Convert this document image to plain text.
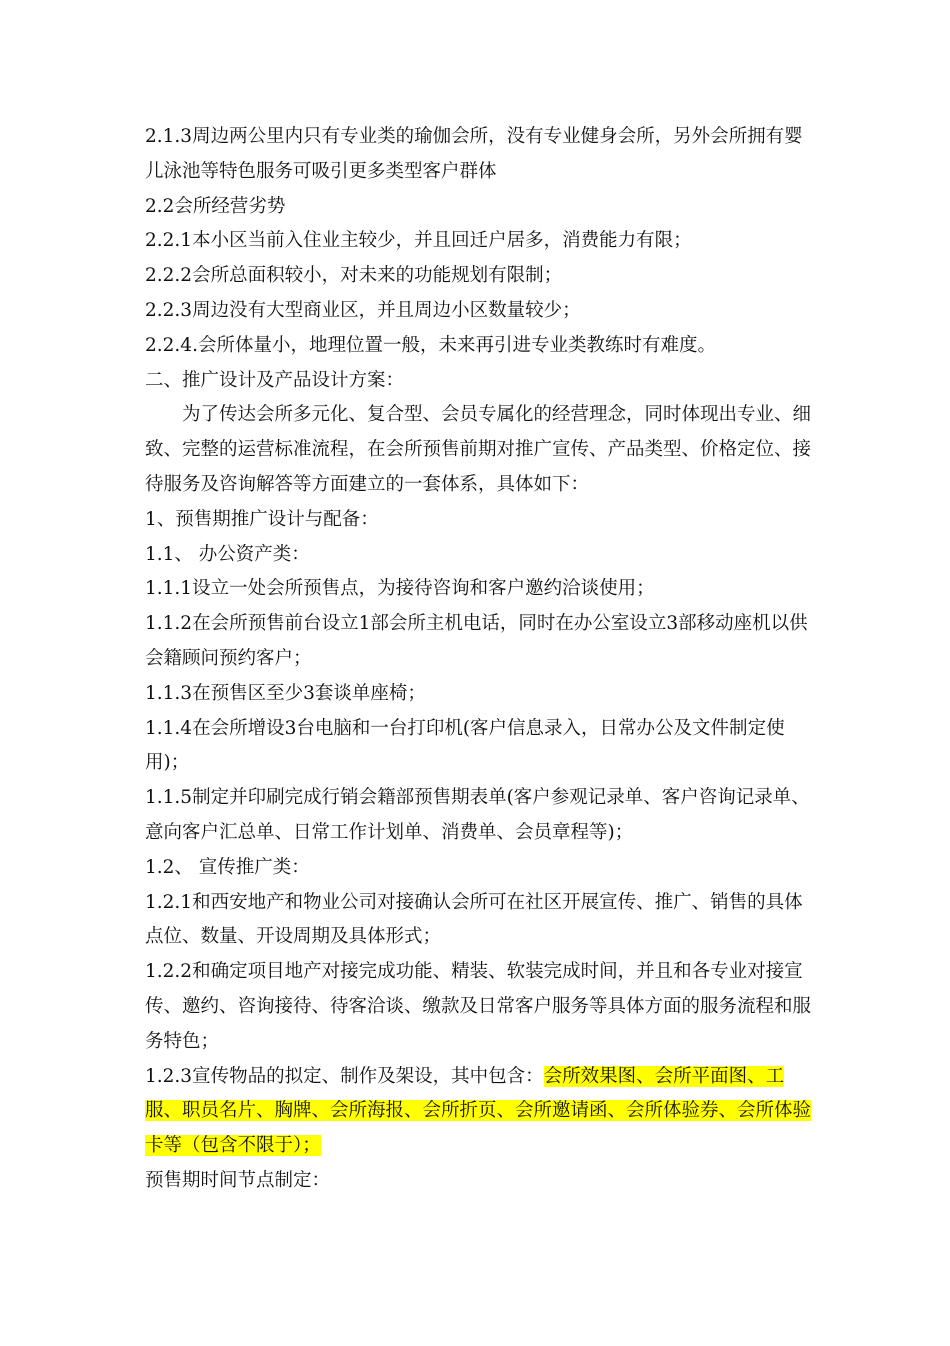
2.1.3周边两公里内只有专业类的瑜伽会所，没有专业健身会所，另外会所拥有婴儿泳池等特色服务可吸引更多类型客户群体

2.2会所经营劣势

2.2.1本小区当前入住业主较少，并且回迁户居多，消费能力有限；

2.2.2会所总面积较小，对未来的功能规划有限制；

2.2.3周边没有大型商业区，并且周边小区数量较少；

2.2.4.会所体量小，地理位置一般，未来再引进专业类教练时有难度。

二、推广设计及产品设计方案：

为了传达会所多元化、复合型、会员专属化的经营理念，同时体现出专业、细致、完整的运营标准流程，在会所预售前期对推广宣传、产品类型、价格定位、接待服务及咨询解答等方面建立的一套体系，具体如下：

1、预售期推广设计与配备：

1.1、 办公资产类：

1.1.1设立一处会所预售点，为接待咨询和客户邀约洽谈使用；

1.1.2在会所预售前台设立1部会所主机电话，同时在办公室设立3部移动座机以供会籍顾问预约客户；

1.1.3在预售区至少3套谈单座椅；

1.1.4在会所增设3台电脑和一台打印机(客户信息录入，日常办公及文件制定使用)；

1.1.5制定并印刷完成行销会籍部预售期表单(客户参观记录单、客户咨询记录单、意向客户汇总单、日常工作计划单、消费单、会员章程等)；

1.2、 宣传推广类：

1.2.1和西安地产和物业公司对接确认会所可在社区开展宣传、推广、销售的具体点位、数量、开设周期及具体形式；

1.2.2和确定项目地产对接完成功能、精装、软装完成时间，并且和各专业对接宣传、邀约、咨询接待、待客洽谈、缴款及日常客户服务等具体方面的服务流程和服务特色；

1.2.3宣传物品的拟定、制作及架设，其中包含：会所效果图、会所平面图、工服、职员名片、胸牌、会所海报、会所折页、会所邀请函、会所体验券、会所体验卡等（包含不限于）；

预售期时间节点制定：
